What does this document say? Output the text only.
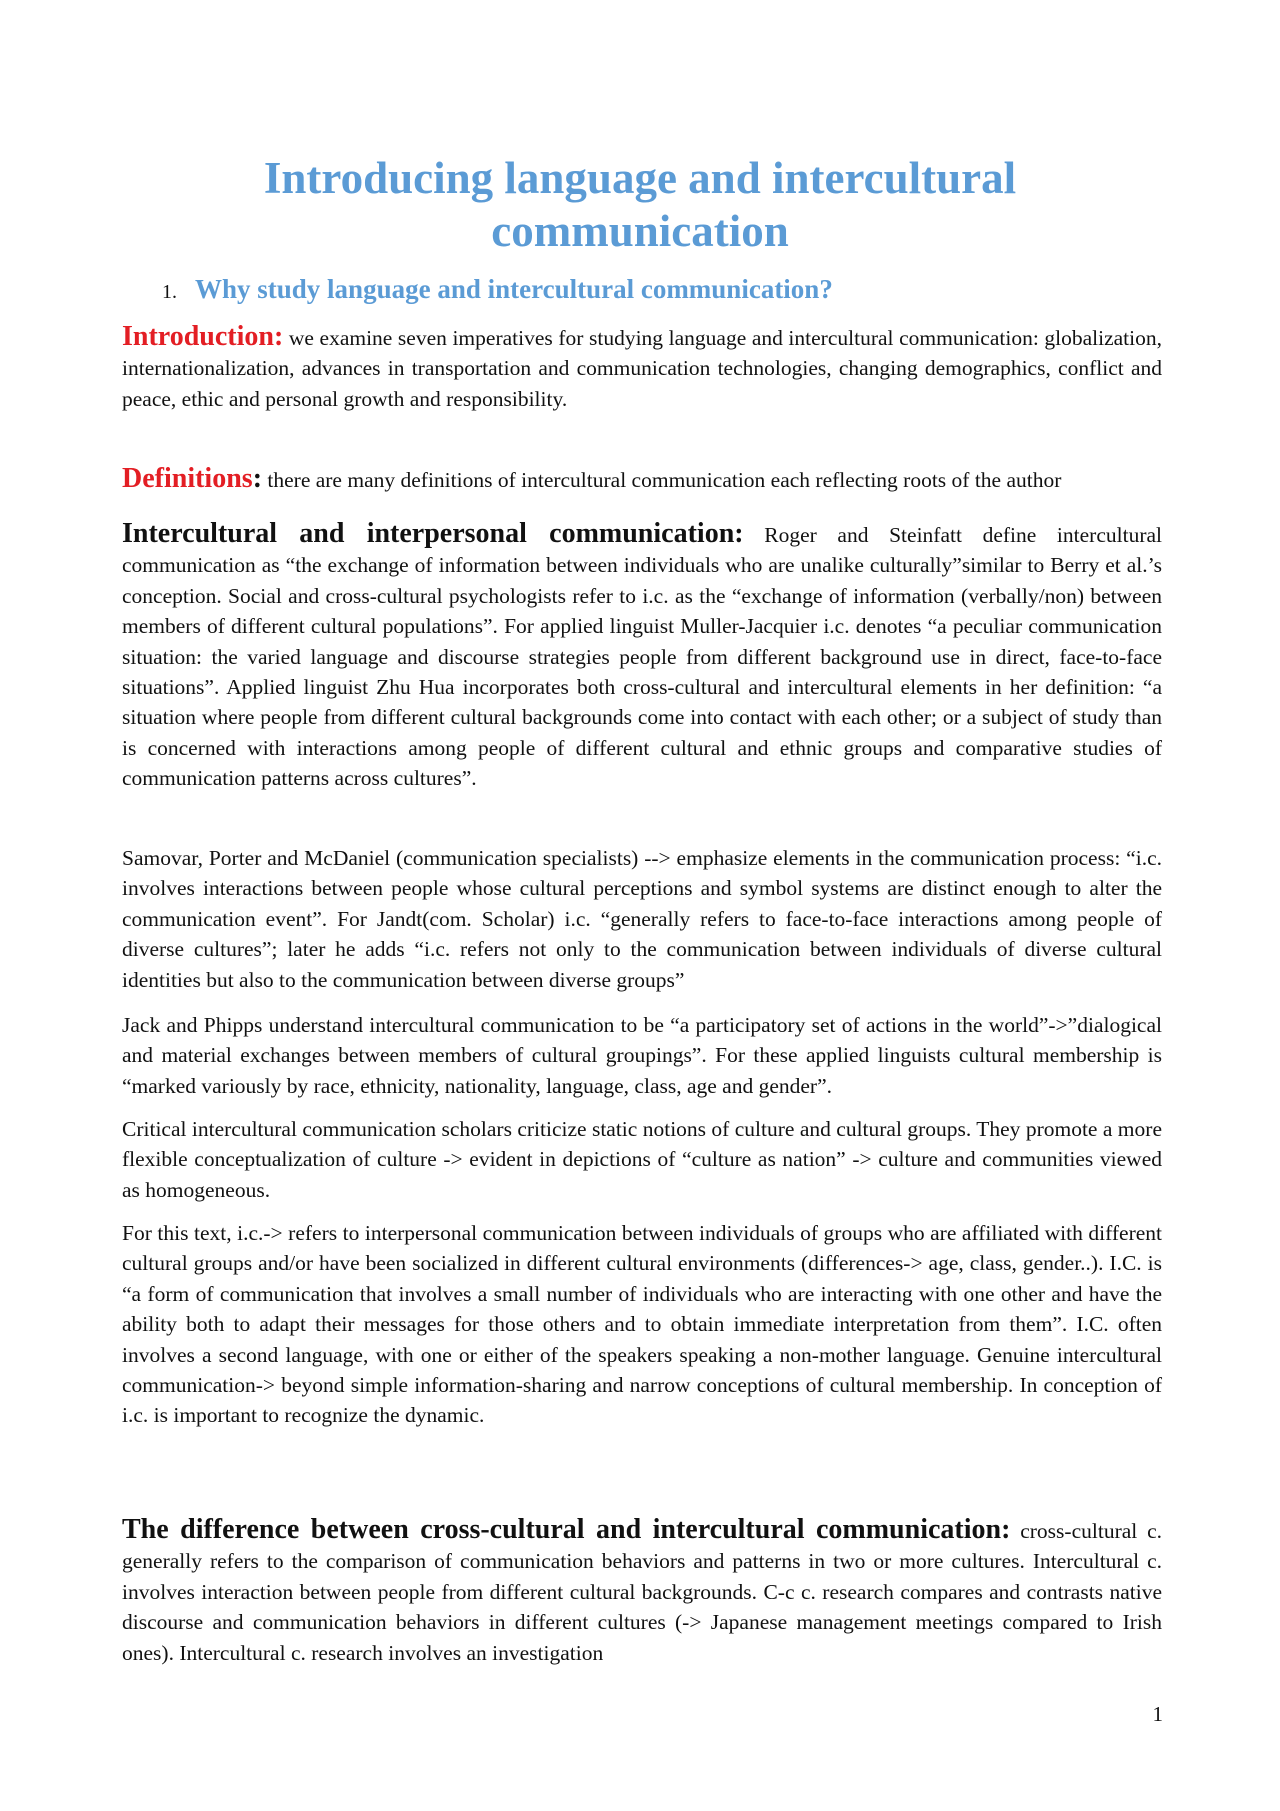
Introducing language and intercultural communication
1. Why study language and intercultural communication?

Introduction: we examine seven imperatives for studying language and intercultural communication: globalization, internationalization, advances in transportation and communication technologies, changing demographics, conflict and peace, ethic and personal growth and responsibility.

Definitions: there are many definitions of intercultural communication each reflecting roots of the author

Intercultural and interpersonal communication: Roger and Steinfatt define intercultural communication as “the exchange of information between individuals who are unalike culturally”similar to Berry et al.’s conception. Social and cross-cultural psychologists refer to i.c. as the “exchange of information (verbally/non) between members of different cultural populations”. For applied linguist Muller-Jacquier i.c. denotes “a peculiar communication situation: the varied language and discourse strategies people from different background use in direct, face-to-face situations”. Applied linguist Zhu Hua incorporates both cross-cultural and intercultural elements in her definition: “a situation where people from different cultural backgrounds come into contact with each other; or a subject of study than is concerned with interactions among people of different cultural and ethnic groups and comparative studies of communication patterns across cultures”.

Samovar, Porter and McDaniel (communication specialists) --> emphasize elements in the communication process: “i.c. involves interactions between people whose cultural perceptions and symbol systems are distinct enough to alter the communication event”. For Jandt(com. Scholar) i.c. “generally refers to face-to-face interactions among people of diverse cultures”; later he adds “i.c. refers not only to the communication between individuals of diverse cultural identities but also to the communication between diverse groups”

Jack and Phipps understand intercultural communication to be “a participatory set of actions in the world”->”dialogical and material exchanges between members of cultural groupings”. For these applied linguists cultural membership is “marked variously by race, ethnicity, nationality, language, class, age and gender”.

Critical intercultural communication scholars criticize static notions of culture and cultural groups. They promote a more flexible conceptualization of culture -> evident in depictions of “culture as nation” -> culture and communities viewed as homogeneous.

For this text, i.c.-> refers to interpersonal communication between individuals of groups who are affiliated with different cultural groups and/or have been socialized in different cultural environments (differences-> age, class, gender..). I.C. is “a form of communication that involves a small number of individuals who are interacting with one other and have the ability both to adapt their messages for those others and to obtain immediate interpretation from them”. I.C. often involves a second language, with one or either of the speakers speaking a non-mother language. Genuine intercultural communication-> beyond simple information-sharing and narrow conceptions of cultural membership. In conception of i.c. is important to recognize the dynamic.

The difference between cross-cultural and intercultural communication: cross-cultural c. generally refers to the comparison of communication behaviors and patterns in two or more cultures. Intercultural c. involves interaction between people from different cultural backgrounds. C-c c. research compares and contrasts native discourse and communication behaviors in different cultures (-> Japanese management meetings compared to Irish ones). Intercultural c. research involves an investigation

1
